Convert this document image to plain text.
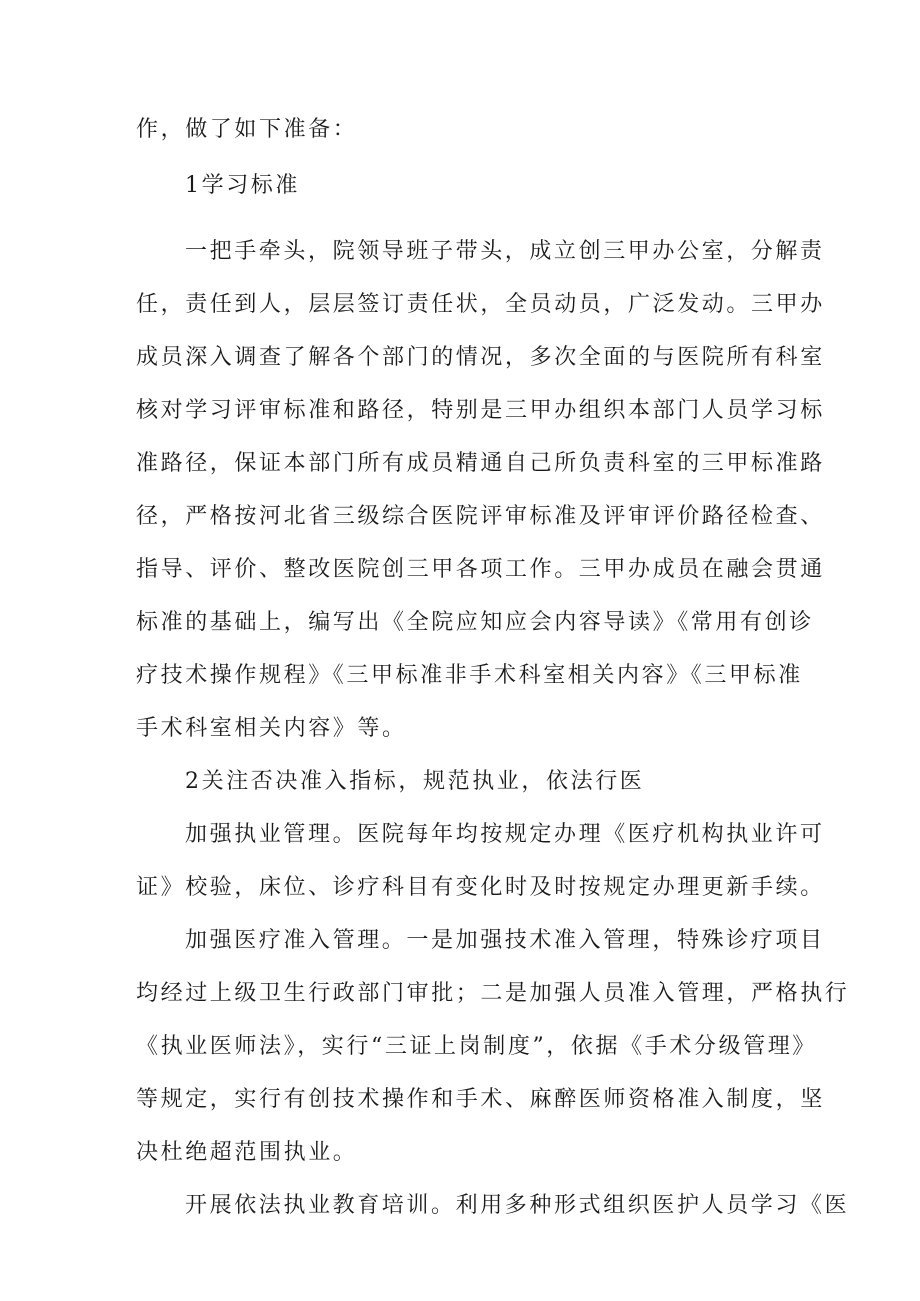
作，做了如下准备：
1学习标准
一把手牵头，院领导班子带头，成立创三甲办公室，分解责
任，责任到人，层层签订责任状，全员动员，广泛发动。三甲办
成员深入调查了解各个部门的情况，多次全面的与医院所有科室
核对学习评审标准和路径，特别是三甲办组织本部门人员学习标
准路径，保证本部门所有成员精通自己所负责科室的三甲标准路
径，严格按河北省三级综合医院评审标准及评审评价路径检查、
指导、评价、整改医院创三甲各项工作。三甲办成员在融会贯通
标准的基础上，编写出《全院应知应会内容导读》《常用有创诊
疗技术操作规程》《三甲标准非手术科室相关内容》《三甲标准
手术科室相关内容》等。
2关注否决准入指标，规范执业，依法行医
加强执业管理。医院每年均按规定办理《医疗机构执业许可
证》校验，床位、诊疗科目有变化时及时按规定办理更新手续。
加强医疗准入管理。一是加强技术准入管理，特殊诊疗项目
均经过上级卫生行政部门审批；二是加强人员准入管理，严格执行
《执业医师法》，实行“三证上岗制度”，依据《手术分级管理》
等规定，实行有创技术操作和手术、麻醉医师资格准入制度，坚
决杜绝超范围执业。
开展依法执业教育培训。利用多种形式组织医护人员学习《医
